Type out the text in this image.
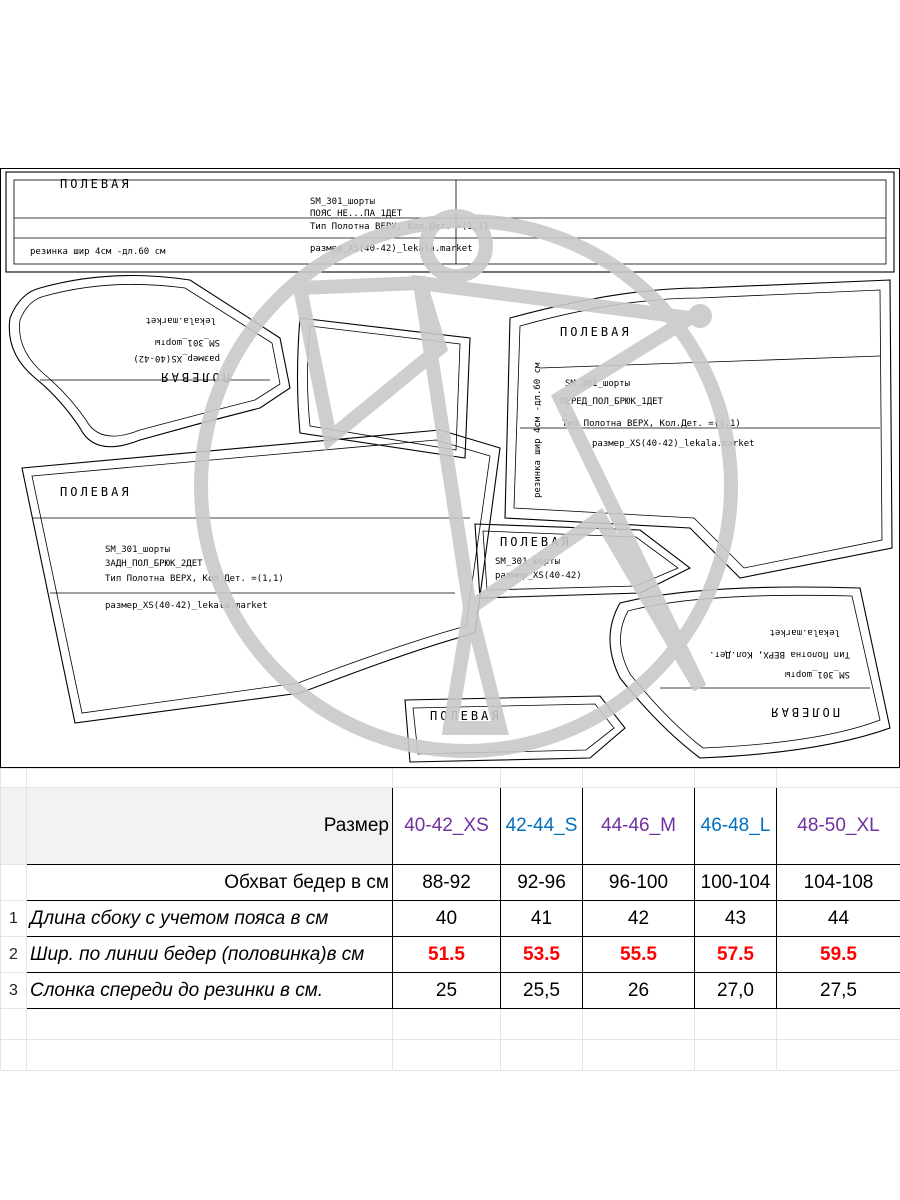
ПОЛЕВАЯ
SM_301_шорты
ПОЯС_НЕ...ПА_1ДЕТ
Тип Полотна ВЕРХ, Кол.Дет. =(1,1)
размер_XS(40-42)_lekala.market
резинка шир 4см -дл.60 см
lekala.market
SM_301_шорты
размер_XS(40-42)
ПОЛЕВАЯ
ПОЛЕВАЯ
SM_301_шорты
ЗАДН_ПОЛ_БРЮК_2ДЕТ
Тип Полотна ВЕРХ, Кол.Дет. =(1,1)
размер_XS(40-42)_lekala.market
ПОЛЕВАЯ
SM_301_шорты
ПЕРЕД_ПОЛ_БРЮК_1ДЕТ
Тип Полотна ВЕРХ, Кол.Дет. =(1,1)
размер_XS(40-42)_lekala.market
резинка шир 4см -дл.60 см
ПОЛЕВАЯ
SM_301_шорты
размер_XS(40-42)
lekala.market
Тип Полотна ВЕРХ, Кол.Дет.
SM_301_шорты
ПОЛЕВАЯ
ПОЛЕВАЯ

	Размер	40-42_XS	42-44_S	44-46_M	46-48_L	48-50_XL
	Обхват бедер в см	88-92	92-96	96-100	100-104	104-108
1	Длина сбоку с учетом пояса в см	40	41	42	43	44
2	Шир. по линии бедер (половинка)в см	51.5	53.5	55.5	57.5	59.5
3	Слонка спереди до резинки в см.	25	25,5	26	27,0	27,5
